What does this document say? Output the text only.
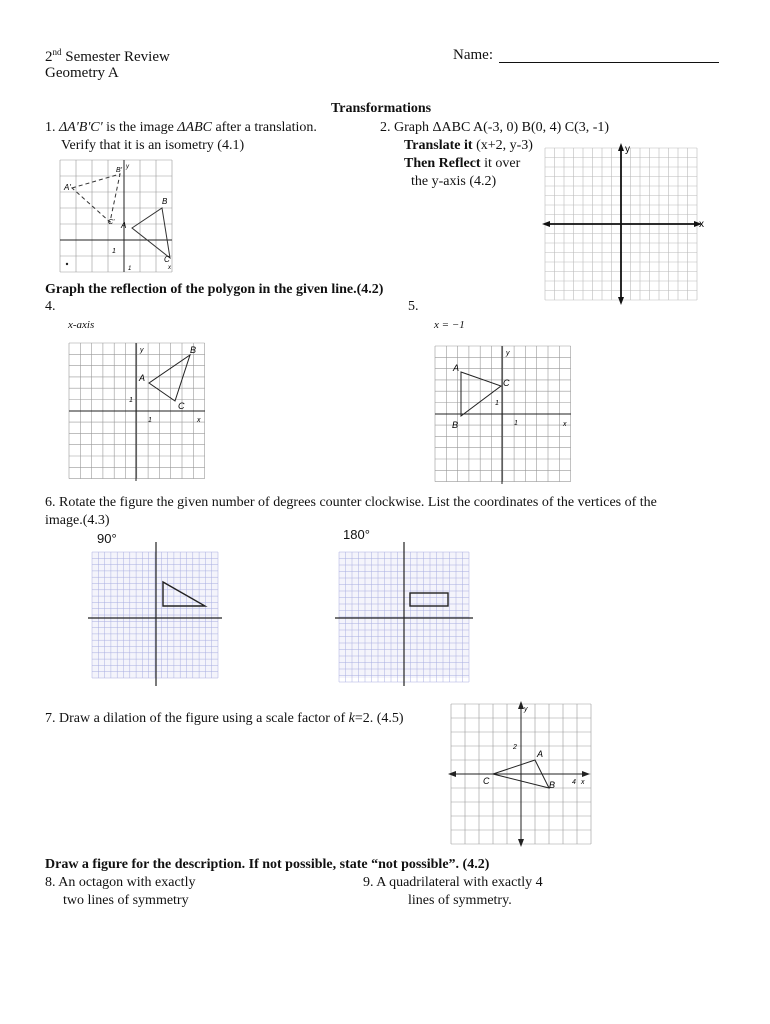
2nd Semester Review
Geometry A
Name:
Transformations
1. ΔA'B'C' is the image ΔABC after a translation.
Verify that it is an isometry (4.1)
A'
B'
C' A
B
C
1
1
y
x
2. Graph ΔABC A(-3, 0) B(0, 4) C(3, -1)
Translate it (x+2, y-3)
Then Reflect it over
the y-axis (4.2)
y
x
Graph the reflection of the polygon in the given line.(4.2)
4.
x-axis
5.
x = −1
A
B
C
y
x
1
1
A
C
B
y
x
1
1
6. Rotate the figure the given number of degrees counter clockwise. List the coordinates of the vertices of the
image.(4.3)
90°	180°
7. Draw a dilation of the figure using a scale factor of k=2. (4.5)
A
B
C
y
2
4 x
Draw a figure for the description. If not possible, state “not possible”. (4.2)
8. An octagon with exactly
two lines of symmetry
9. A quadrilateral with exactly 4
lines of symmetry.
